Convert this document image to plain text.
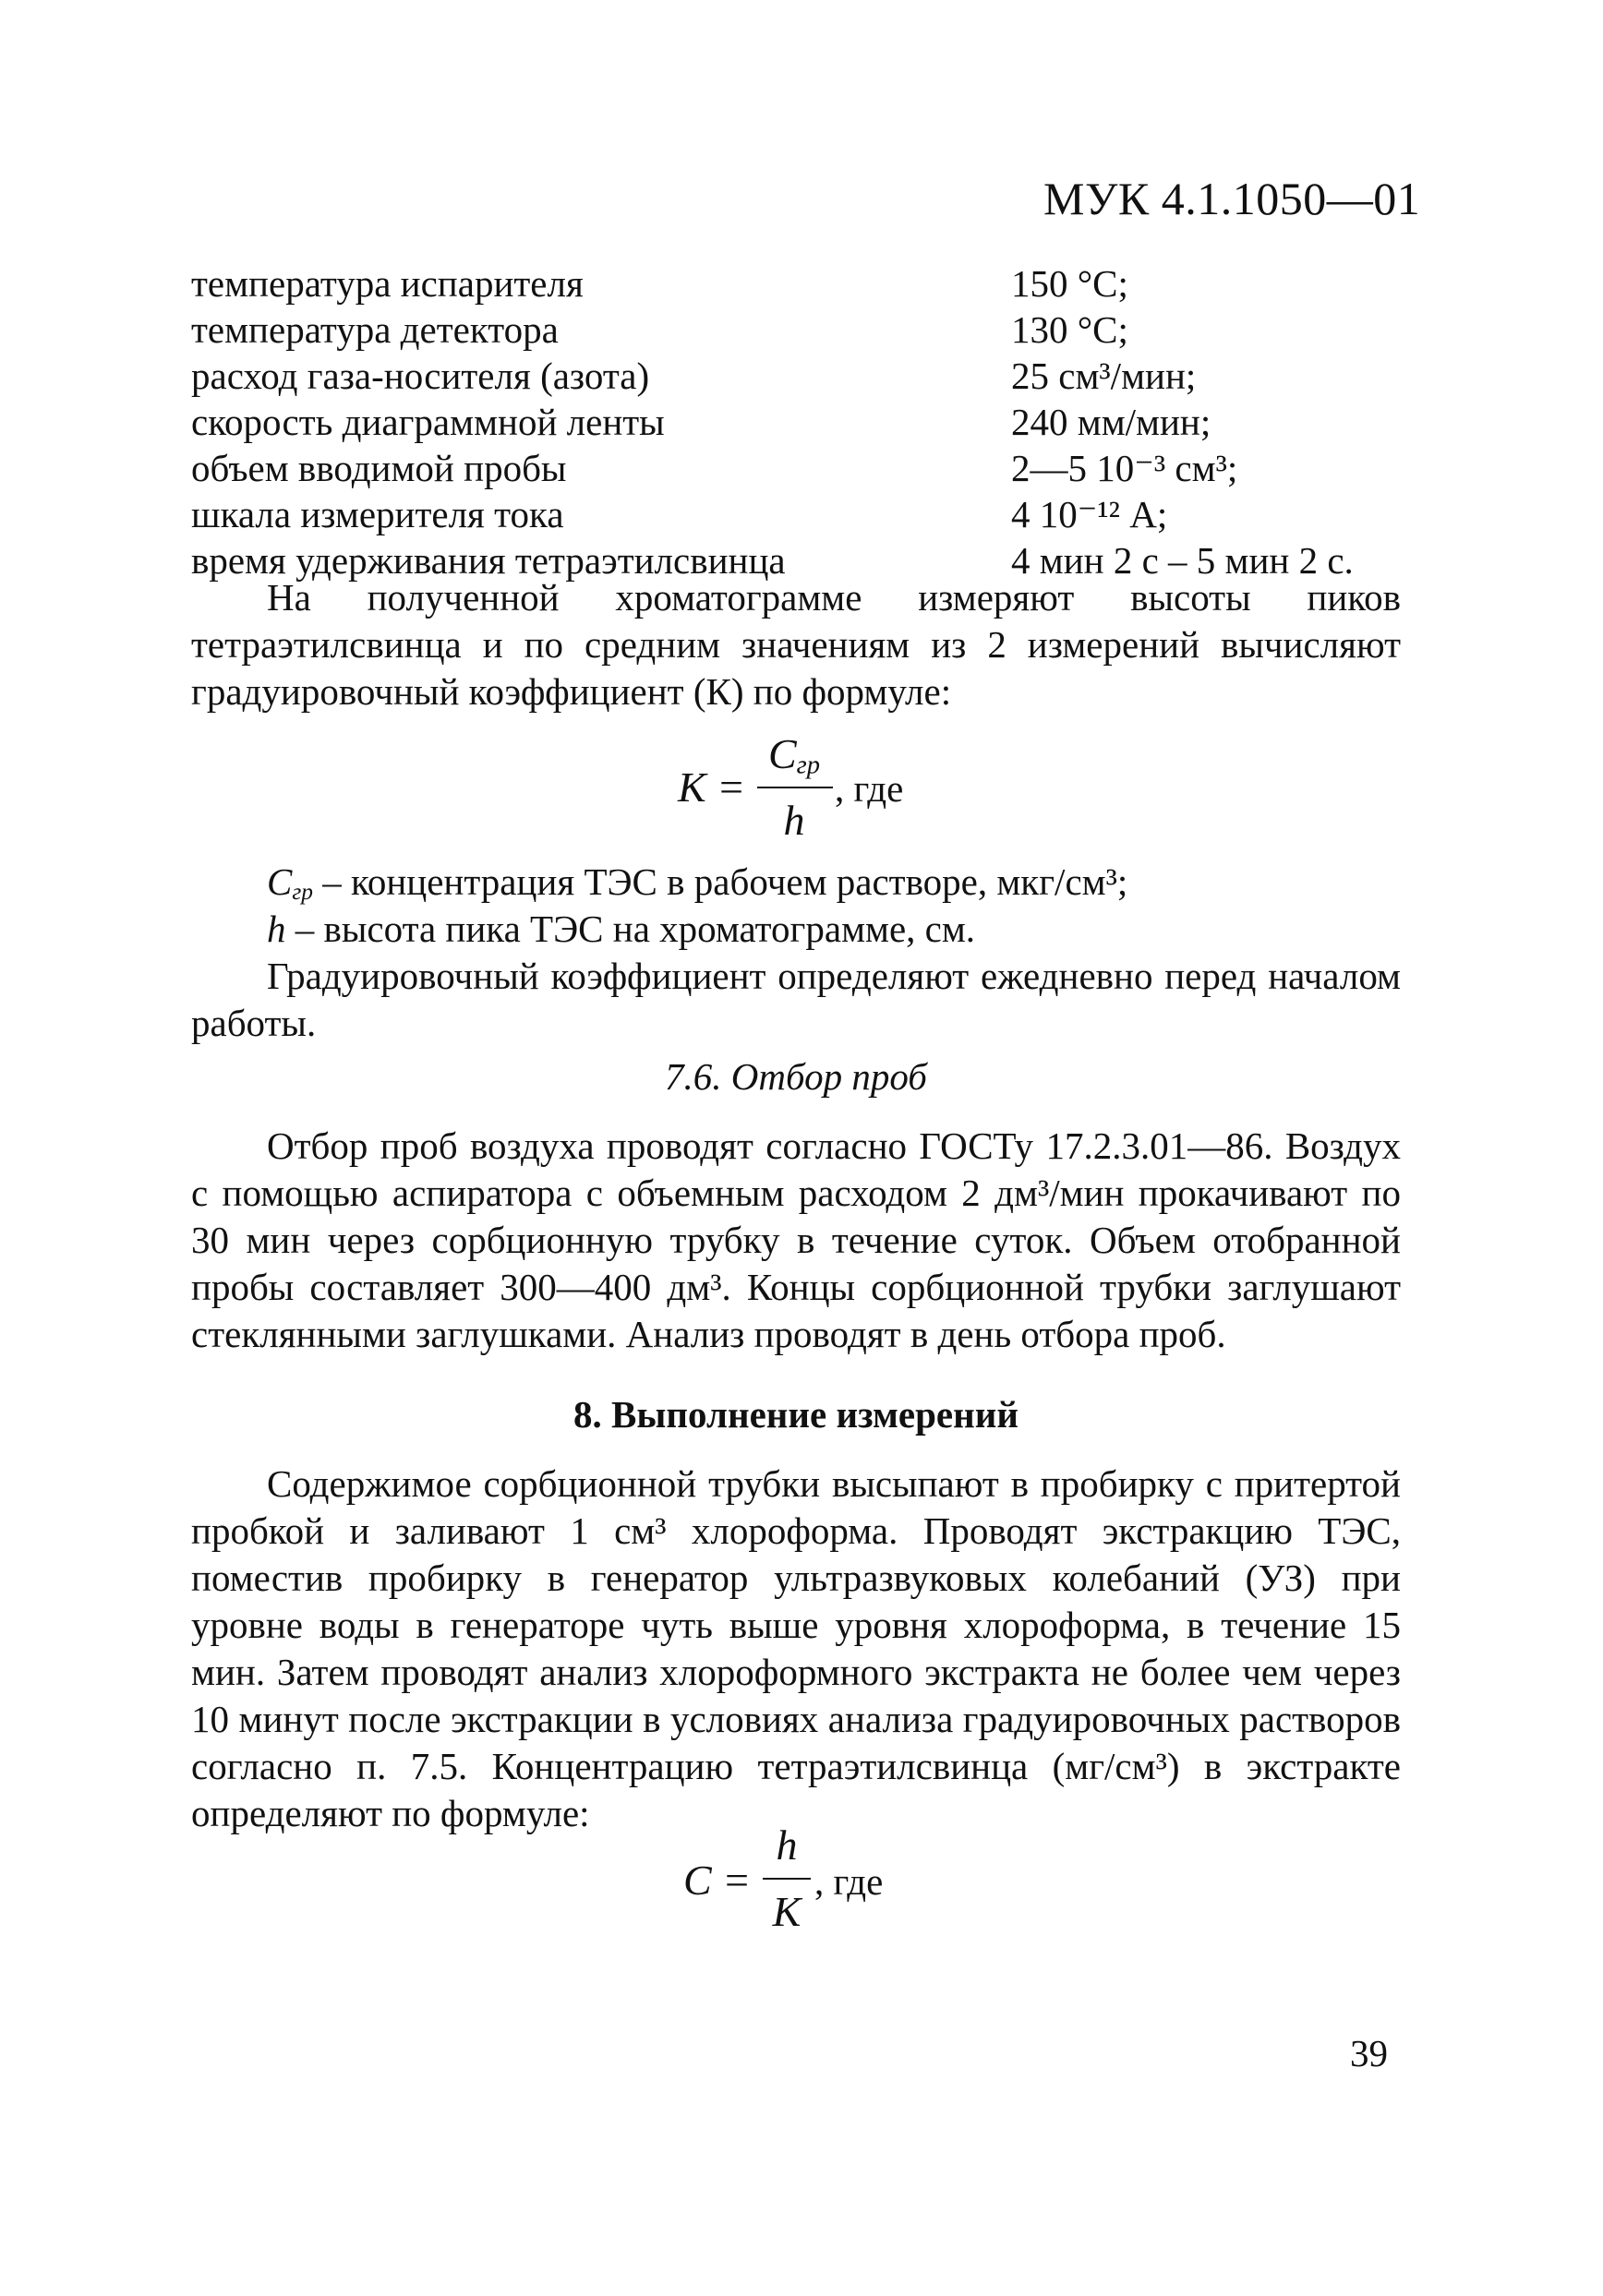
МУК 4.1.1050—01
температура испарителя	150 °С;
температура детектора	130 °С;
расход газа-носителя (азота)	25 см³/мин;
скорость диаграммной ленты	240 мм/мин;
объем вводимой пробы	2—5 10⁻³ см³;
шкала измерителя тока	4 10⁻¹² А;
время удерживания тетраэтилсвинца	4 мин 2 с – 5 мин 2 с.
На полученной хроматограмме измеряют высоты пиков тетраэтилсвинца и по средним значениям из 2 измерений вычисляют градуировочный коэффициент (К) по формуле:
K =
$C_{гр}$
h
, где
$С_{гр}$ – концентрация ТЭС в рабочем растворе, мкг/см³;
h – высота пика ТЭС на хроматограмме, см.
Градуировочный коэффициент определяют ежедневно перед началом работы.
7.6. Отбор проб
Отбор проб воздуха проводят согласно ГОСТу 17.2.3.01—86. Воздух с помощью аспиратора с объемным расходом 2 дм³/мин прокачивают по 30 мин через сорбционную трубку в течение суток. Объем отобранной пробы составляет 300—400 дм³. Концы сорбционной трубки заглушают стеклянными заглушками. Анализ проводят в день отбора проб.
8. Выполнение измерений
Содержимое сорбционной трубки высыпают в пробирку с притертой пробкой и заливают 1 см³ хлороформа. Проводят экстракцию ТЭС, поместив пробирку в генератор ультразвуковых колебаний (УЗ) при уровне воды в генераторе чуть выше уровня хлороформа, в течение 15 мин. Затем проводят анализ хлороформного экстракта не более чем через 10 минут после экстракции в условиях анализа градуировочных растворов согласно п. 7.5. Концентрацию тетраэтилсвинца (мг/см³) в экстракте определяют по формуле:
C =
h
K
, где
39
